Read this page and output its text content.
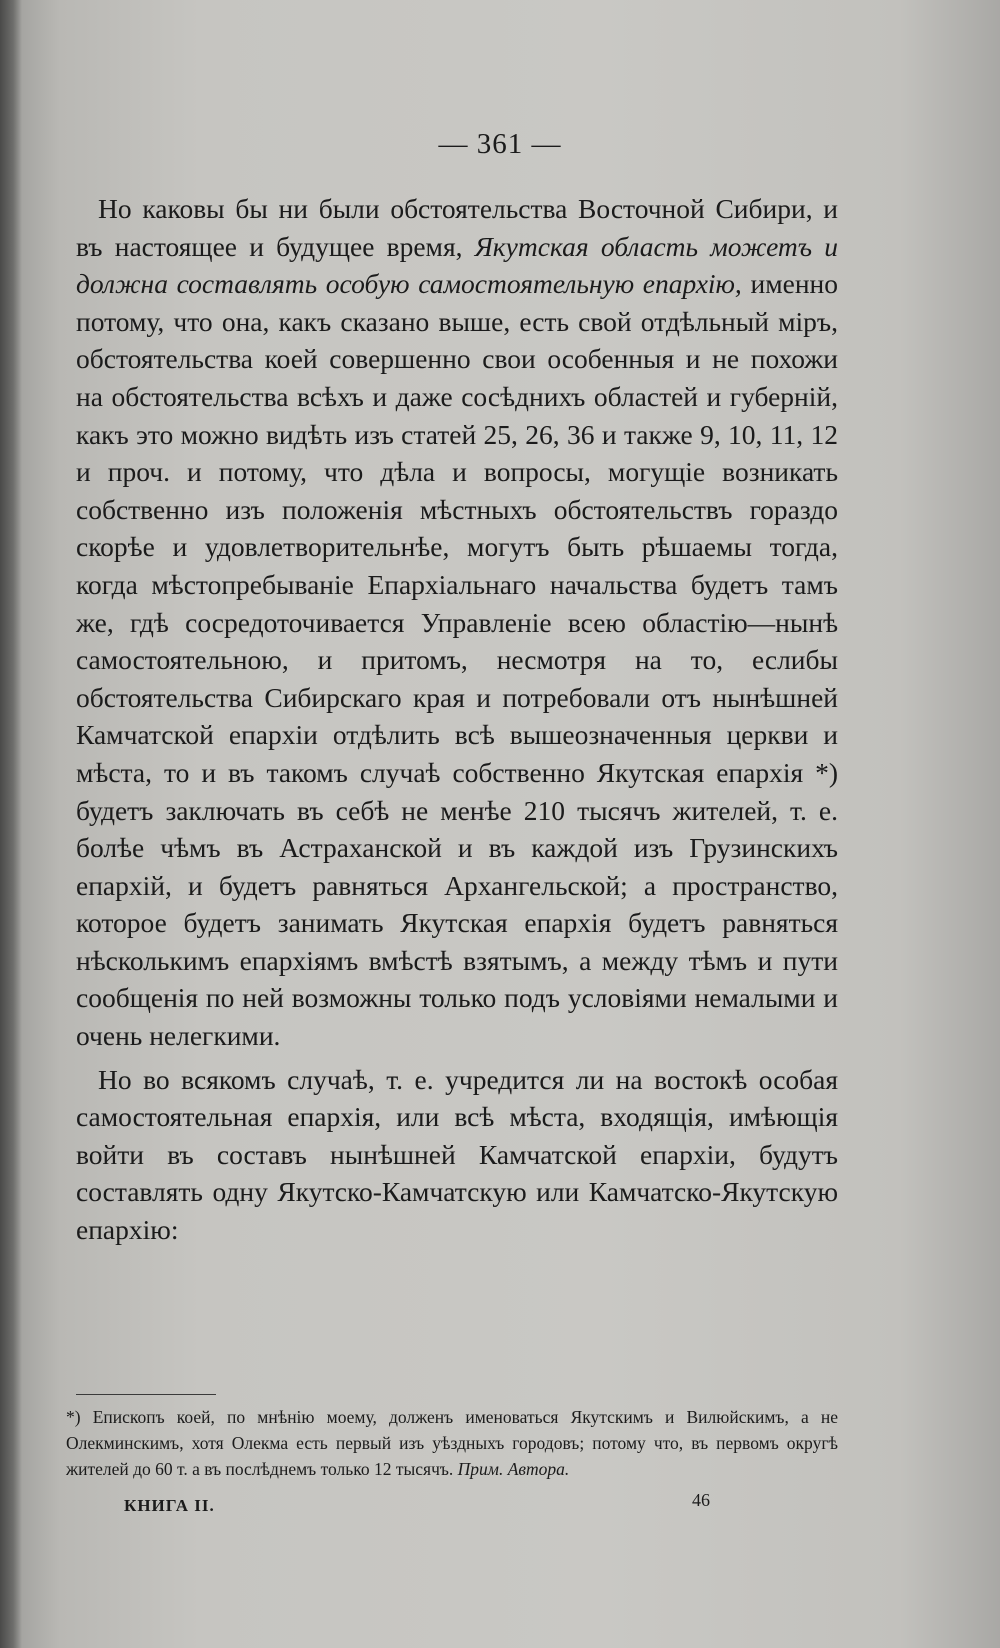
— 361 —

Но каковы бы ни были обстоятельства Восточной Сибири, и въ настоящее и будущее время, Якутская область можетъ и должна составлять особую самостоятельную епархію, именно потому, что она, какъ сказано выше, есть свой отдѣльный міръ, обстоятельства коей совершенно свои особенныя и не похожи на обстоятельства всѣхъ и даже сосѣднихъ областей и губерній, какъ это можно видѣть изъ статей 25, 26, 36 и также 9, 10, 11, 12 и проч. и потому, что дѣла и вопросы, могущіе возникать собственно изъ положенія мѣстныхъ обстоятельствъ гораздо скорѣе и удовлетворительнѣе, могутъ быть рѣшаемы тогда, когда мѣстопребываніе Епархіальнаго начальства будетъ тамъ же, гдѣ сосредоточивается Управленіе всею областію—нынѣ самостоятельною, и притомъ, несмотря на то, еслибы обстоятельства Сибирскаго края и потребовали отъ нынѣшней Камчатской епархіи отдѣлить всѣ вышеозначенныя церкви и мѣста, то и въ такомъ случаѣ собственно Якутская епархія *) будетъ заключать въ себѣ не менѣе 210 тысячъ жителей, т. е. болѣе чѣмъ въ Астраханской и въ каждой изъ Грузинскихъ епархій, и будетъ равняться Архангельской; а пространство, которое будетъ занимать Якутская епархія будетъ равняться нѣсколькимъ епархіямъ вмѣстѣ взятымъ, а между тѣмъ и пути сообщенія по ней возможны только подъ условіями немалыми и очень нелегкими.

Но во всякомъ случаѣ, т. е. учредится ли на востокѣ особая самостоятельная епархія, или всѣ мѣста, входящія, имѣющія войти въ составъ нынѣшней Камчатской епархіи, будутъ составлять одну Якутско-Камчатскую или Камчатско-Якутскую епархію:

*) Епископъ коей, по мнѣнію моему, долженъ именоваться Якутскимъ и Вилюйскимъ, а не Олекминскимъ, хотя Олекма есть первый изъ уѣздныхъ городовъ; потому что, въ первомъ округѣ жителей до 60 т. а въ послѣднемъ только 12 тысячъ. Прим. Автора.
КНИГА II.	46
